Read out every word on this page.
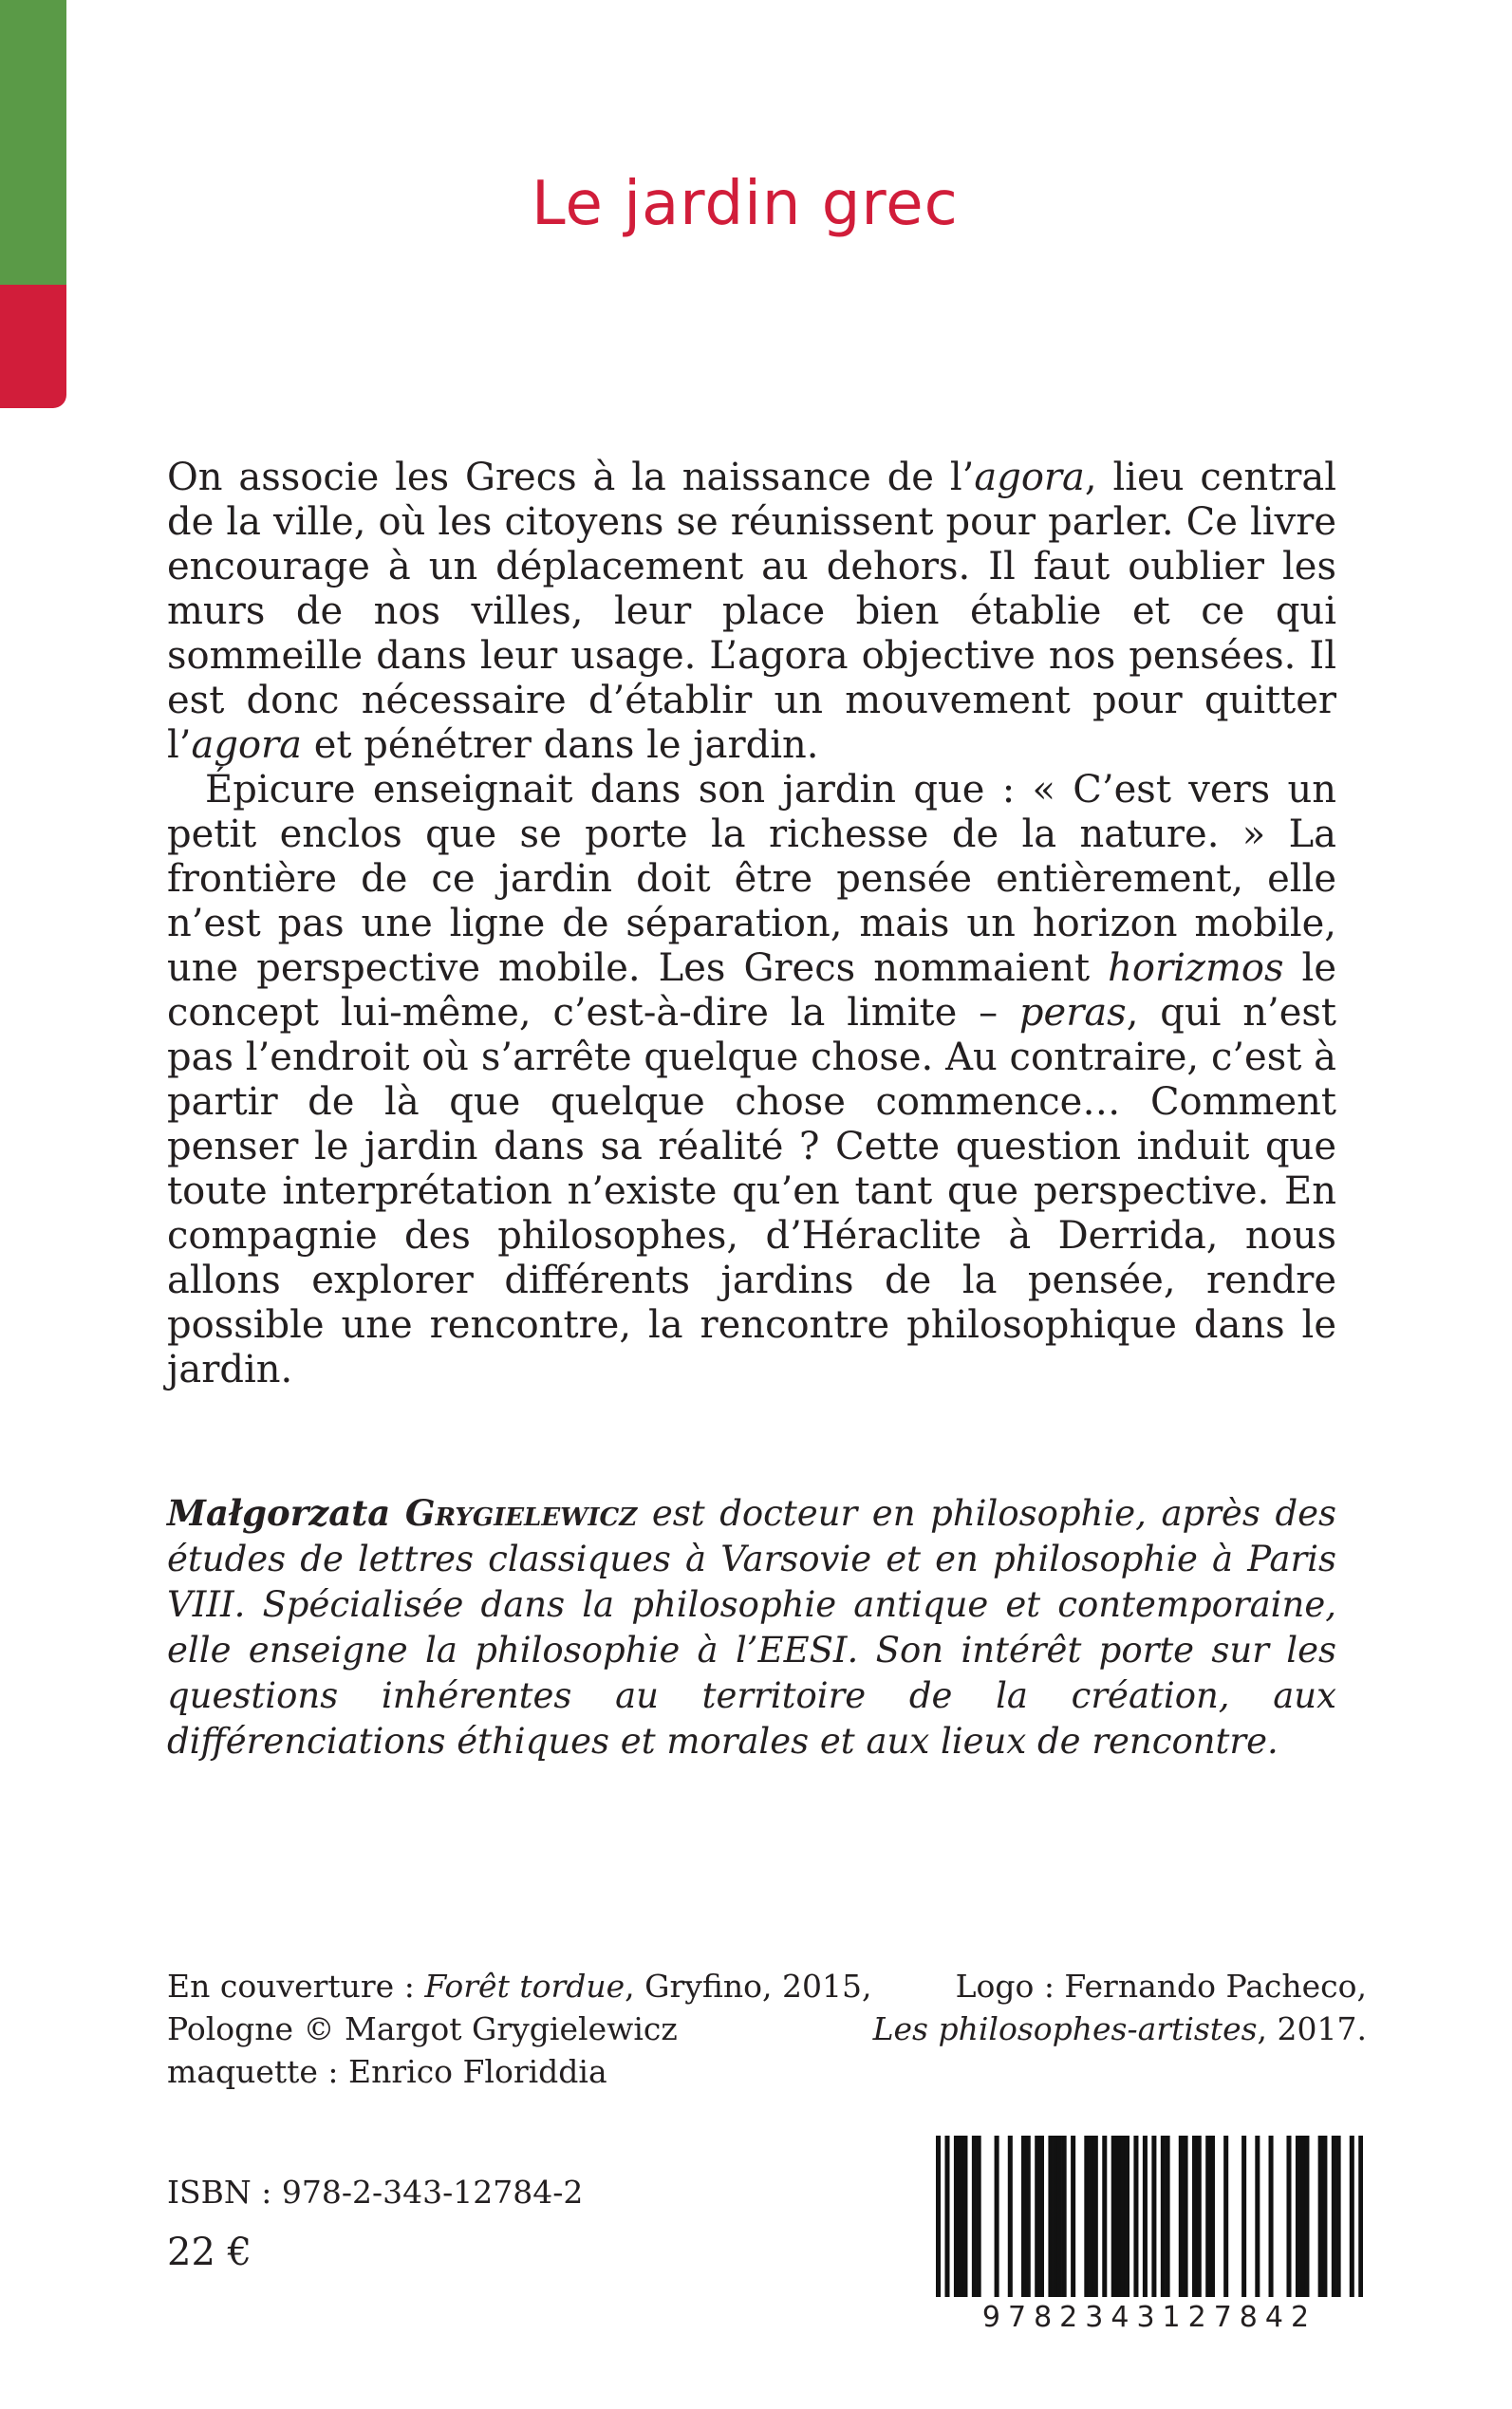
Le jardin grec

On associe les Grecs à la naissance de l’agora, lieu central de la ville, où les citoyens se réunissent pour parler. Ce livre encourage à un déplacement au dehors. Il faut oublier les murs de nos villes, leur place bien établie et ce qui sommeille dans leur usage. L’agora objective nos pensées. Il est donc nécessaire d’établir un mouvement pour quitter l’agora et pénétrer dans le jardin.

Épicure enseignait dans son jardin que : « C’est vers un petit enclos que se porte la richesse de la nature. » La frontière de ce jardin doit être pensée entièrement, elle n’est pas une ligne de séparation, mais un horizon mobile, une perspective mobile. Les Grecs nommaient horizmos le concept lui-même, c’est-à-dire la limite – peras, qui n’est pas l’endroit où s’arrête quelque chose. Au contraire, c’est à partir de là que quelque chose commence… Comment penser le jardin dans sa réalité ? Cette question induit que toute interprétation n’existe qu’en tant que perspective. En compagnie des philosophes, d’Héraclite à Derrida, nous allons explorer différents jardins de la pensée, rendre possible une rencontre, la rencontre philosophique dans le jardin.

Małgorzata Grygielewicz est docteur en philosophie, après des études de lettres classiques à Varsovie et en philosophie à Paris VIII. Spécialisée dans la philosophie antique et contemporaine, elle enseigne la philosophie à l’EESI. Son intérêt porte sur les questions inhérentes au territoire de la création, aux différenciations éthiques et morales et aux lieux de rencontre.

En couverture : Forêt tordue, Gryfino, 2015,
Pologne © Margot Grygielewicz
maquette : Enrico Floriddia
Logo : Fernando Pacheco,
Les philosophes-artistes, 2017.
9782343127842
ISBN : 978-2-343-12784-2
22 €
